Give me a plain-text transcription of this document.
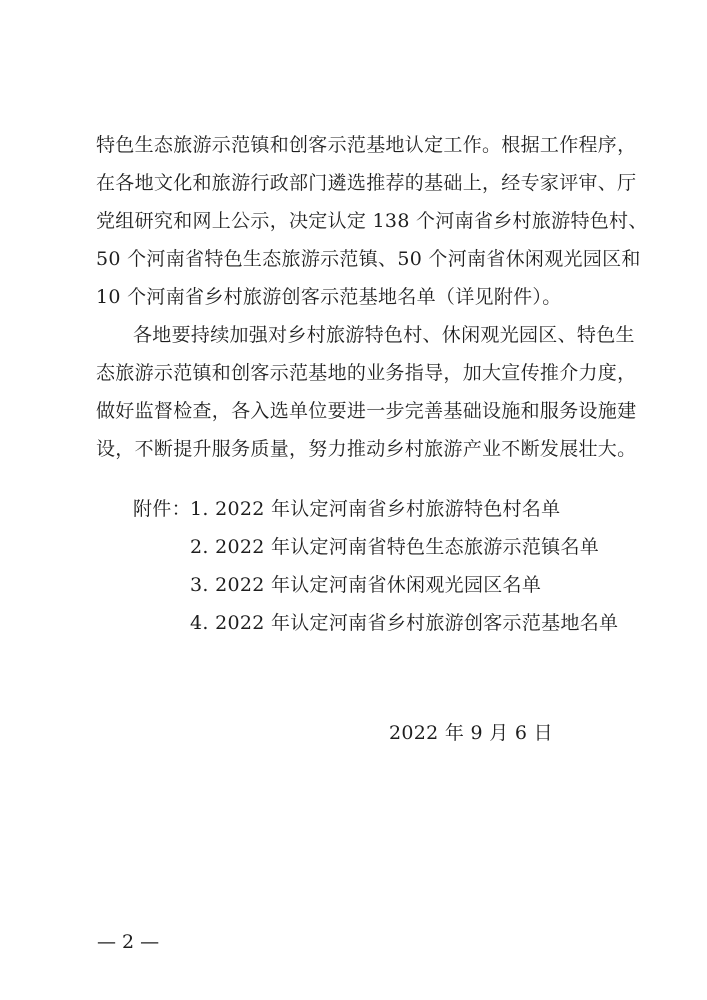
特色生态旅游示范镇和创客示范基地认定工作。根据工作程序，
在各地文化和旅游行政部门遴选推荐的基础上，经专家评审、厅
党组研究和网上公示，决定认定 138 个河南省乡村旅游特色村、
50 个河南省特色生态旅游示范镇、50 个河南省休闲观光园区和
10 个河南省乡村旅游创客示范基地名单（详见附件）。
各地要持续加强对乡村旅游特色村、休闲观光园区、特色生
态旅游示范镇和创客示范基地的业务指导，加大宣传推介力度，
做好监督检查，各入选单位要进一步完善基础设施和服务设施建
设，不断提升服务质量，努力推动乡村旅游产业不断发展壮大。
附件： 1. 2022 年认定河南省乡村旅游特色村名单
2. 2022 年认定河南省特色生态旅游示范镇名单
3. 2022 年认定河南省休闲观光园区名单
4. 2022 年认定河南省乡村旅游创客示范基地名单
2022 年 9 月 6 日
— 2 —
